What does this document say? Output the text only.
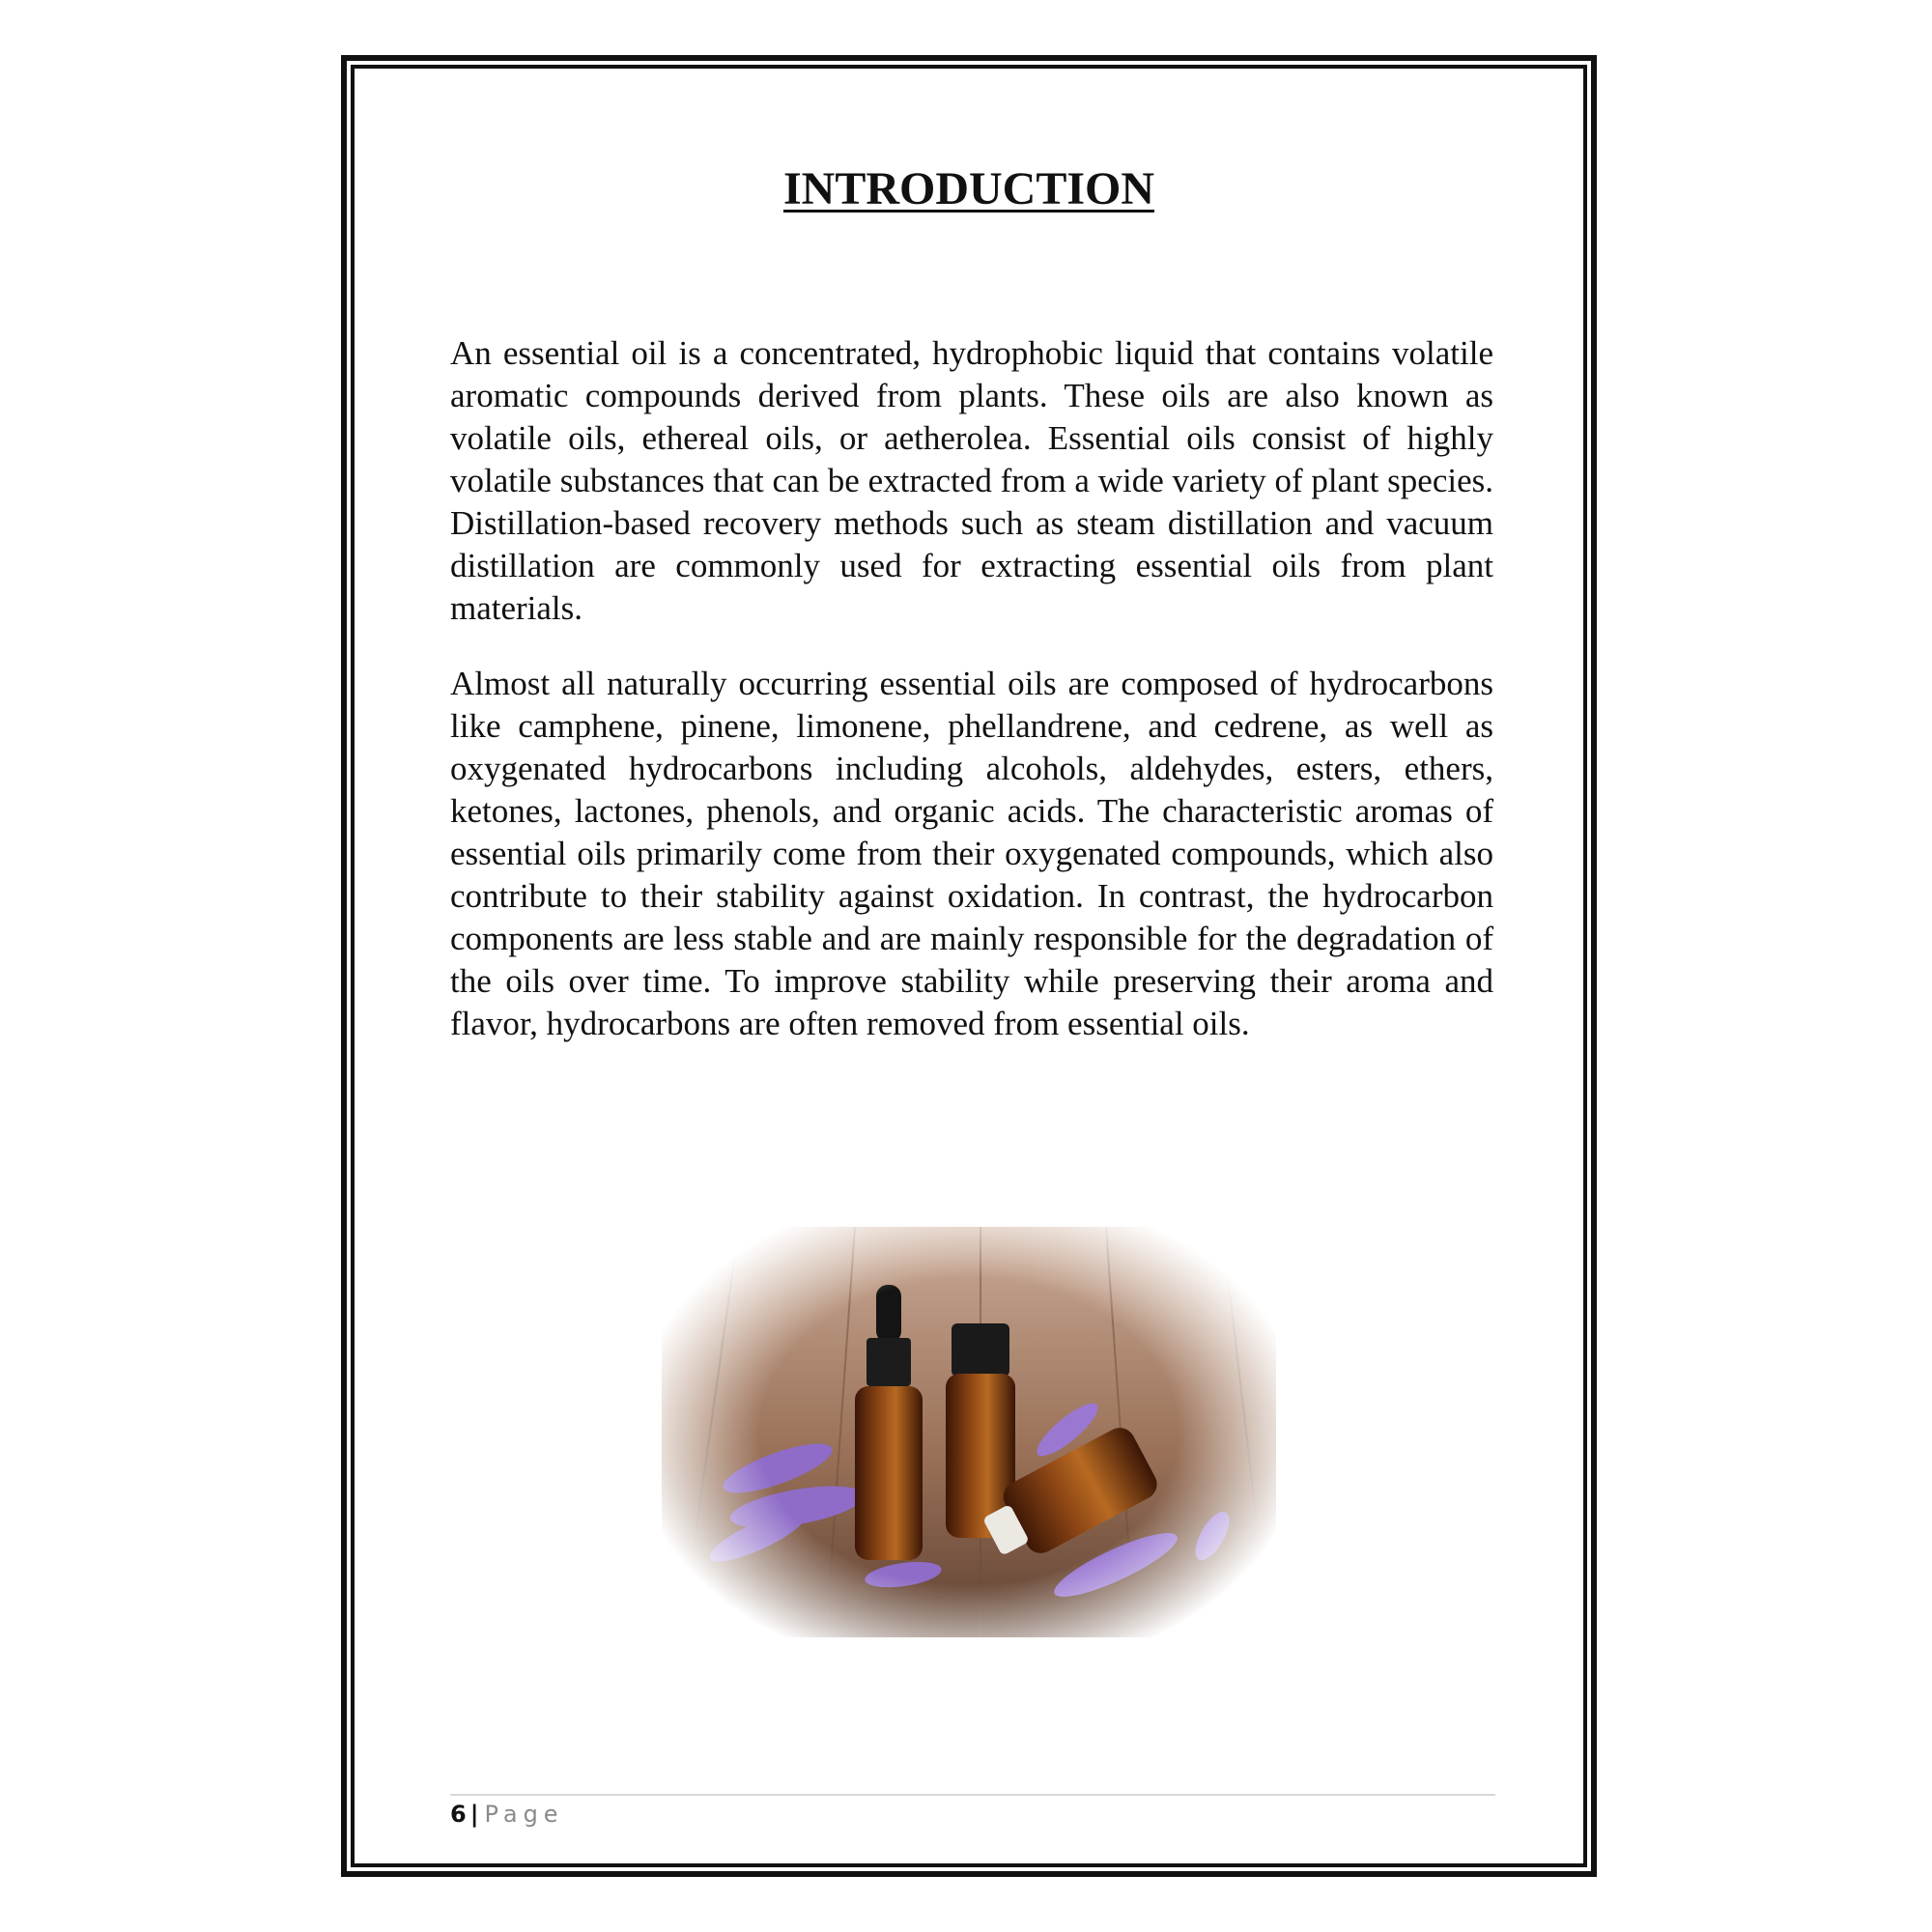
INTRODUCTION

An essential oil is a concentrated, hydrophobic liquid that contains volatile aromatic compounds derived from plants. These oils are also known as volatile oils, ethereal oils, or aetherolea. Essential oils consist of highly volatile substances that can be extracted from a wide variety of plant species. Distillation-based recovery methods such as steam distillation and vacuum distillation are commonly used for extracting essential oils from plant materials.

Almost all naturally occurring essential oils are composed of hydrocarbons like camphene, pinene, limonene, phellandrene, and cedrene, as well as oxygenated hydrocarbons including alcohols, aldehydes, esters, ethers, ketones, lactones, phenols, and organic acids. The characteristic aromas of essential oils primarily come from their oxygenated compounds, which also contribute to their stability against oxidation. In contrast, the hydrocarbon components are less stable and are mainly responsible for the degradation of the oils over time. To improve stability while preserving their aroma and flavor, hydrocarbons are often removed from essential oils.

6 | Page
